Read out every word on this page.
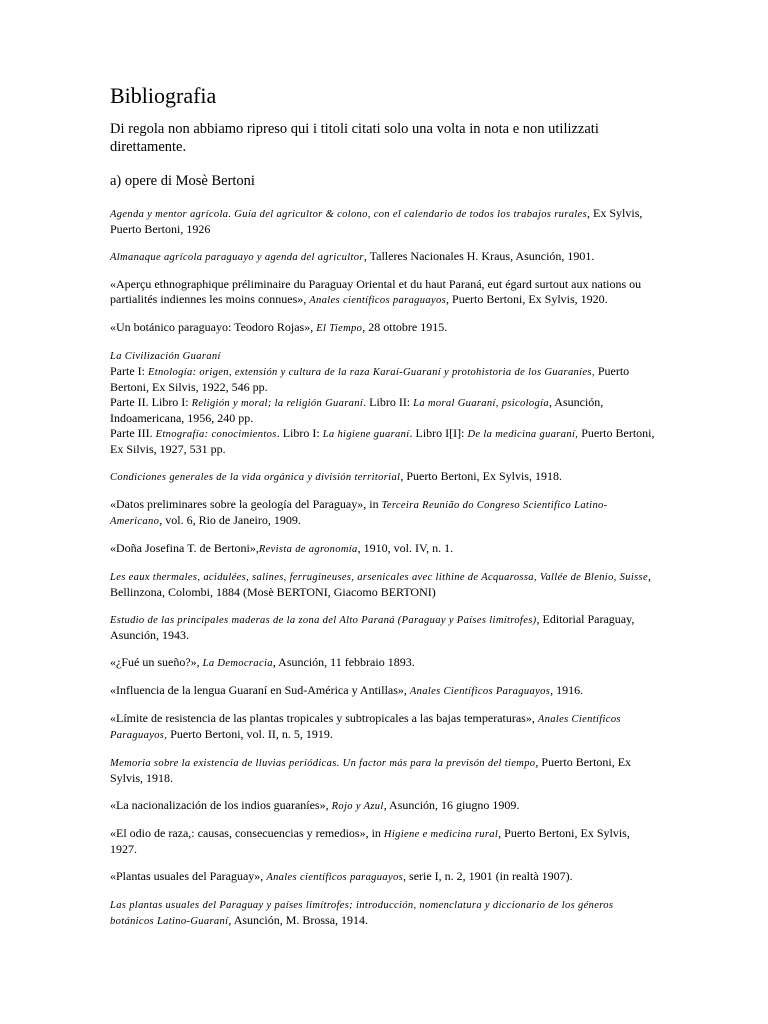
Bibliografia

Di regola non abbiamo ripreso qui i titoli citati solo una volta in nota e non utilizzati direttamente.

a) opere di Mosè Bertoni

Agenda y mentor agrícola. Guía del agricultor & colono, con el calendario de todos los trabajos rurales, Ex Sylvis, Puerto Bertoni, 1926

Almanaque agrícola paraguayo y agenda del agricultor, Talleres Nacionales H. Kraus, Asunción, 1901.

«Aperçu ethnographique préliminaire du Paraguay Oriental et du haut Paraná, eut égard surtout aux nations ou partialités indiennes les moins connues», Anales científicos paraguayos, Puerto Bertoni, Ex Sylvis, 1920.

«Un botánico paraguayo: Teodoro Rojas», El Tiempo, 28 ottobre 1915.

La Civilización Guaraní
Parte I: Etnología: origen, extensión y cultura de la raza Karaí-Guaraní y protohistoria de los Guaraníes, Puerto Bertoni, Ex Silvis, 1922, 546 pp.
Parte II. Libro I: Religión y moral; la religión Guaraní. Libro II: La moral Guaraní, psicología, Asunción, Indoamericana, 1956, 240 pp.
Parte III. Etnografía: conocimientos. Libro I: La higiene guaraní. Libro I[I]: De la medicina guaraní, Puerto Bertoni, Ex Silvis, 1927, 531 pp.

Condiciones generales de la vida orgánica y división territorial, Puerto Bertoni, Ex Sylvis, 1918.

«Datos preliminares sobre la geología del Paraguay», in Terceira Reunião do Congreso Scientifico Latino-Americano, vol. 6, Rio de Janeiro, 1909.

«Doña Josefina T. de Bertoni»,Revista de agronomía, 1910, vol. IV, n. 1.

Les eaux thermales, acidulées, salines, ferrugineuses, arsenicales avec lithine de Acquarossa, Vallée de Blenio, Suisse, Bellinzona, Colombi, 1884 (Mosè BERTONI, Giacomo BERTONI)

Estudio de las principales maderas de la zona del Alto Paraná (Paraguay y Países limítrofes), Editorial Paraguay, Asunción, 1943.

«¿Fué un sueño?», La Democracia, Asunción, 11 febbraio 1893.

«Influencia de la lengua Guaraní en Sud-América y Antillas», Anales Científicos Paraguayos, 1916.

«Límite de resistencia de las plantas tropicales y subtropicales a las bajas temperaturas», Anales Científicos Paraguayos, Puerto Bertoni, vol. II, n. 5, 1919.

Memoria sobre la existencia de lluvias periódicas. Un factor más para la previsón del tiempo, Puerto Bertoni, Ex Sylvis, 1918.

«La nacionalización de los indios guaraníes», Rojo y Azul, Asunción, 16 giugno 1909.

«El odio de raza,: causas, consecuencias y remedios», in Higiene e medicina rural, Puerto Bertoni, Ex Sylvis, 1927.

«Plantas usuales del Paraguay», Anales científicos paraguayos, serie I, n. 2, 1901 (in realtà 1907).

Las plantas usuales del Paraguay y países limítrofes; introducción, nomenclatura y diccionario de los géneros botánicos Latino-Guaraní, Asunción, M. Brossa, 1914.
